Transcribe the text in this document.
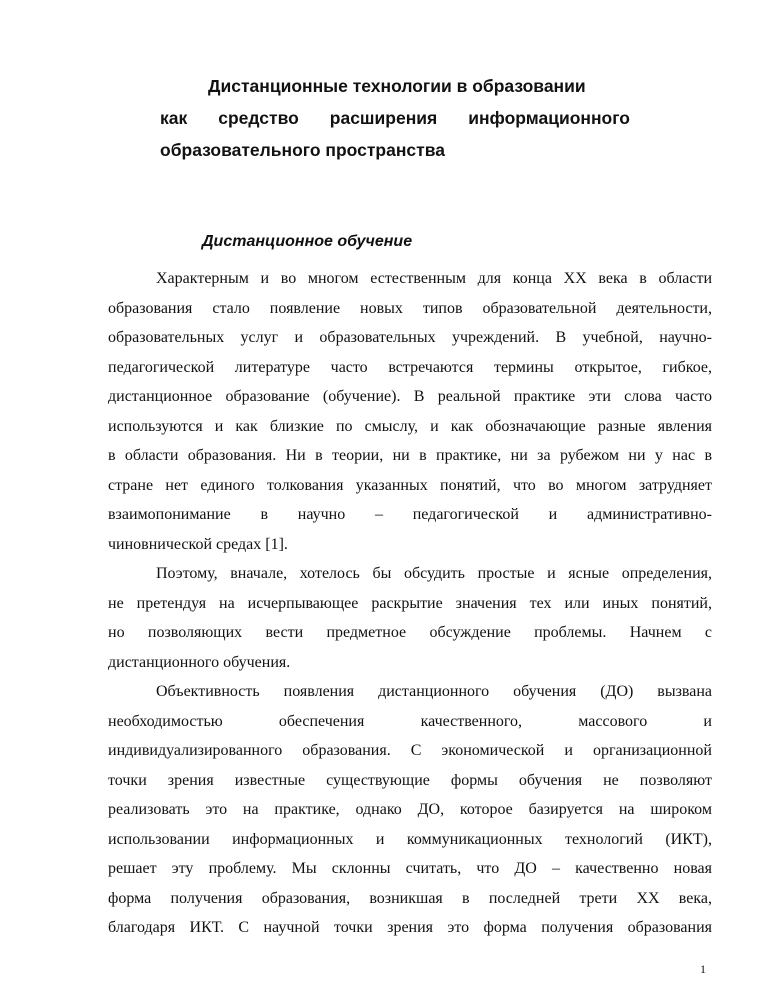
Дистанционные технологии в образовании
как средство расширения информационного
образовательного пространства
Дистанционное обучение
Характерным и во многом естественным для конца XX века в области
образования стало появление новых типов образовательной деятельности,
образовательных услуг и образовательных учреждений. В учебной, научно-
педагогической литературе часто встречаются термины открытое, гибкое,
дистанционное образование (обучение). В реальной практике эти слова часто
используются и как близкие по смыслу, и как обозначающие разные явления
в области образования. Ни в теории, ни в практике, ни за рубежом ни у нас в
стране нет единого толкования указанных понятий, что во многом затрудняет
взаимопонимание в научно – педагогической и административно-
чиновнической средах [1].
Поэтому, вначале, хотелось бы обсудить простые и ясные определения,
не претендуя на исчерпывающее раскрытие значения тех или иных понятий,
но позволяющих вести предметное обсуждение проблемы. Начнем с
дистанционного обучения.
Объективность появления дистанционного обучения (ДО) вызвана
необходимостью обеспечения качественного, массового и
индивидуализированного образования. С экономической и организационной
точки зрения известные существующие формы обучения не позволяют
реализовать это на практике, однако ДО, которое базируется на широком
использовании информационных и коммуникационных технологий (ИКТ),
решает эту проблему. Мы склонны считать, что ДО – качественно новая
форма получения образования, возникшая в последней трети XX века,
благодаря ИКТ. С научной точки зрения это форма получения образования
1
